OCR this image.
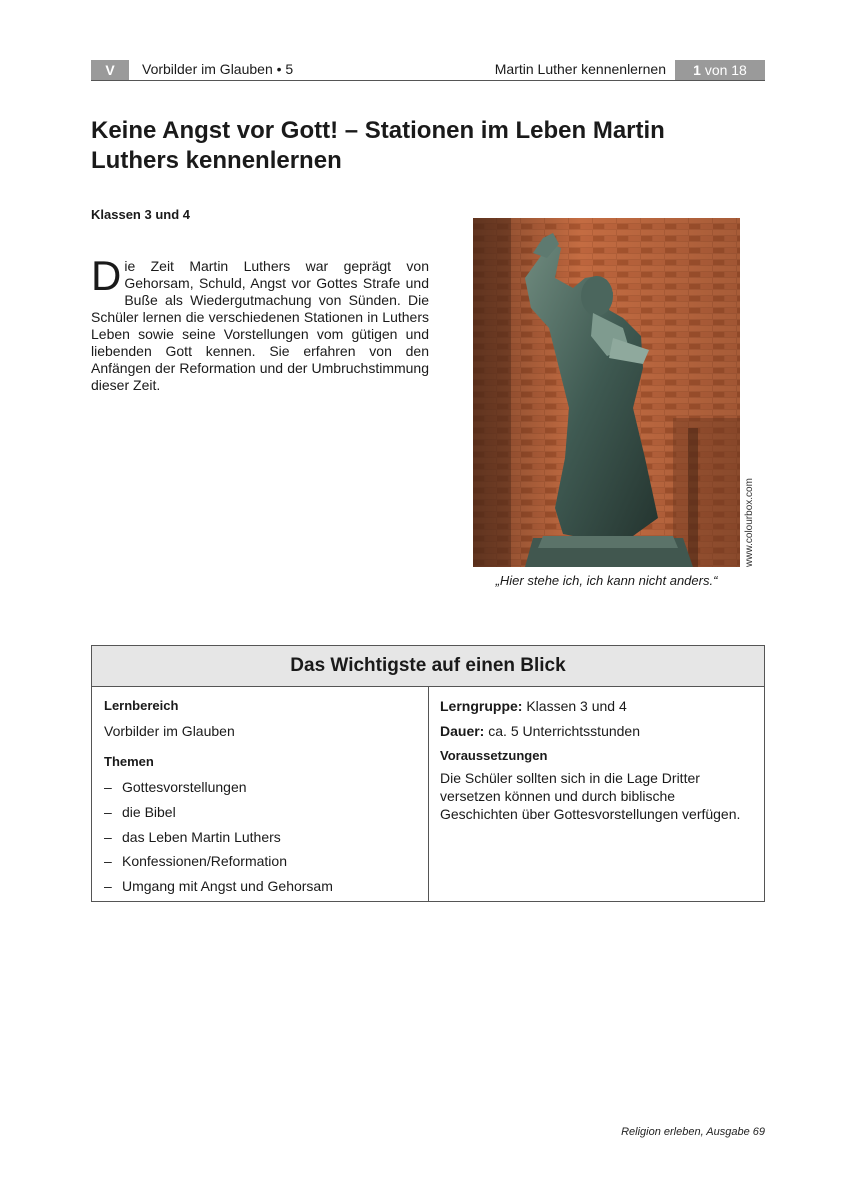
V	Vorbilder im Glauben • 5	Martin Luther kennenlernen	1 von 18
Keine Angst vor Gott! – Stationen im Leben Martin Luthers kennenlernen
Klassen 3 und 4
Die Zeit Martin Luthers war geprägt von Gehorsam, Schuld, Angst vor Gottes Strafe und Buße als Wiedergutmachung von Sünden. Die Schüler lernen die verschiedenen Stationen in Luthers Leben sowie seine Vorstellungen vom gütigen und liebenden Gott kennen. Sie erfahren von den Anfängen der Reformation und der Umbruchstimmung dieser Zeit.
www.colourbox.com
„Hier stehe ich, ich kann nicht anders.“
Das Wichtigste auf einen Blick
Lernbereich
Vorbilder im Glauben
Themen
– Gottesvorstellungen
– die Bibel
– das Leben Martin Luthers
– Konfessionen/Reformation
– Umgang mit Angst und Gehorsam
Lerngruppe: Klassen 3 und 4
Dauer: ca. 5 Unterrichtsstunden
Voraussetzungen
Die Schüler sollten sich in die Lage Dritter versetzen können und durch biblische Geschichten über Gottesvorstellungen verfügen.
Religion erleben, Ausgabe 69
